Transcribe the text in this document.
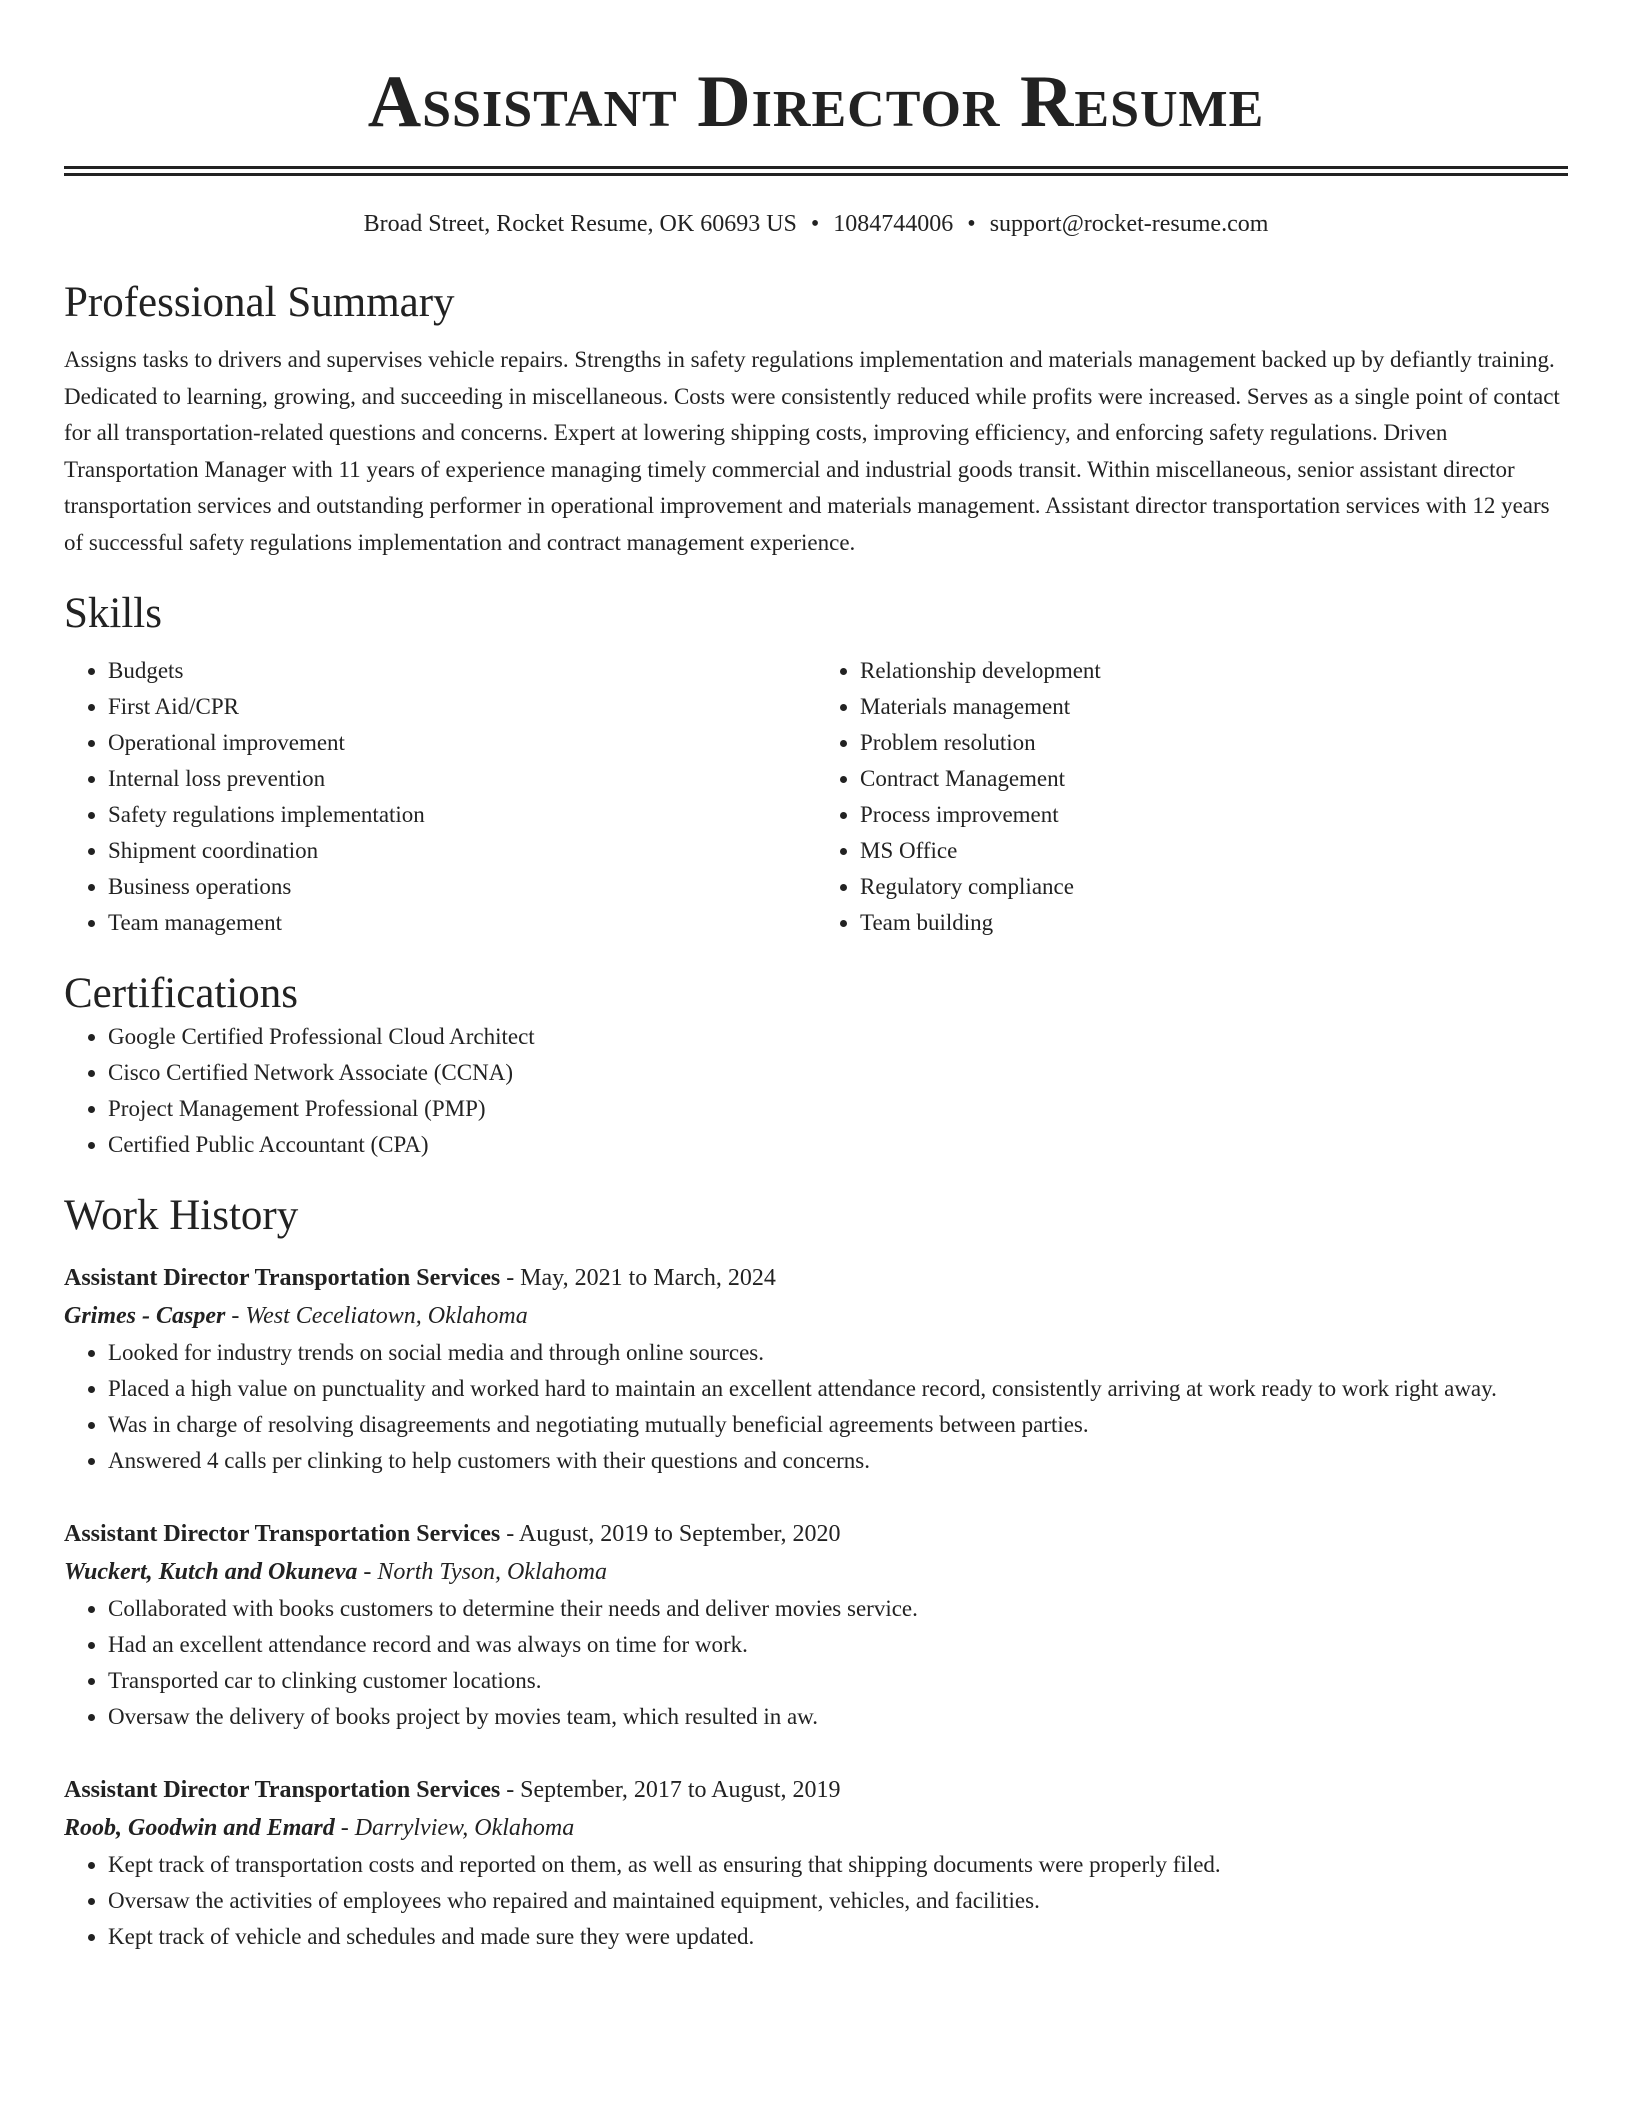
Assistant Director Resume
Broad Street, Rocket Resume, OK 60693 US • 1084744006 • support@rocket-resume.com
Professional Summary

Assigns tasks to drivers and supervises vehicle repairs. Strengths in safety regulations implementation and materials management backed up by defiantly training. Dedicated to learning, growing, and succeeding in miscellaneous. Costs were consistently reduced while profits were increased. Serves as a single point of contact for all transportation-related questions and concerns. Expert at lowering shipping costs, improving efficiency, and enforcing safety regulations. Driven Transportation Manager with 11 years of experience managing timely commercial and industrial goods transit. Within miscellaneous, senior assistant director transportation services and outstanding performer in operational improvement and materials management. Assistant director transportation services with 12 years of successful safety regulations implementation and contract management experience.

Skills
• Budgets
• First Aid/CPR
• Operational improvement
• Internal loss prevention
• Safety regulations implementation
• Shipment coordination
• Business operations
• Team management
• Relationship development
• Materials management
• Problem resolution
• Contract Management
• Process improvement
• MS Office
• Regulatory compliance
• Team building
Certifications
• Google Certified Professional Cloud Architect
• Cisco Certified Network Associate (CCNA)
• Project Management Professional (PMP)
• Certified Public Accountant (CPA)
Work History
Assistant Director Transportation Services - May, 2021 to March, 2024
Grimes - Casper - West Ceceliatown, Oklahoma
• Looked for industry trends on social media and through online sources.
• Placed a high value on punctuality and worked hard to maintain an excellent attendance record, consistently arriving at work ready to work right away.
• Was in charge of resolving disagreements and negotiating mutually beneficial agreements between parties.
• Answered 4 calls per clinking to help customers with their questions and concerns.
Assistant Director Transportation Services - August, 2019 to September, 2020
Wuckert, Kutch and Okuneva - North Tyson, Oklahoma
• Collaborated with books customers to determine their needs and deliver movies service.
• Had an excellent attendance record and was always on time for work.
• Transported car to clinking customer locations.
• Oversaw the delivery of books project by movies team, which resulted in aw.
Assistant Director Transportation Services - September, 2017 to August, 2019
Roob, Goodwin and Emard - Darrylview, Oklahoma
• Kept track of transportation costs and reported on them, as well as ensuring that shipping documents were properly filed.
• Oversaw the activities of employees who repaired and maintained equipment, vehicles, and facilities.
• Kept track of vehicle and schedules and made sure they were updated.
